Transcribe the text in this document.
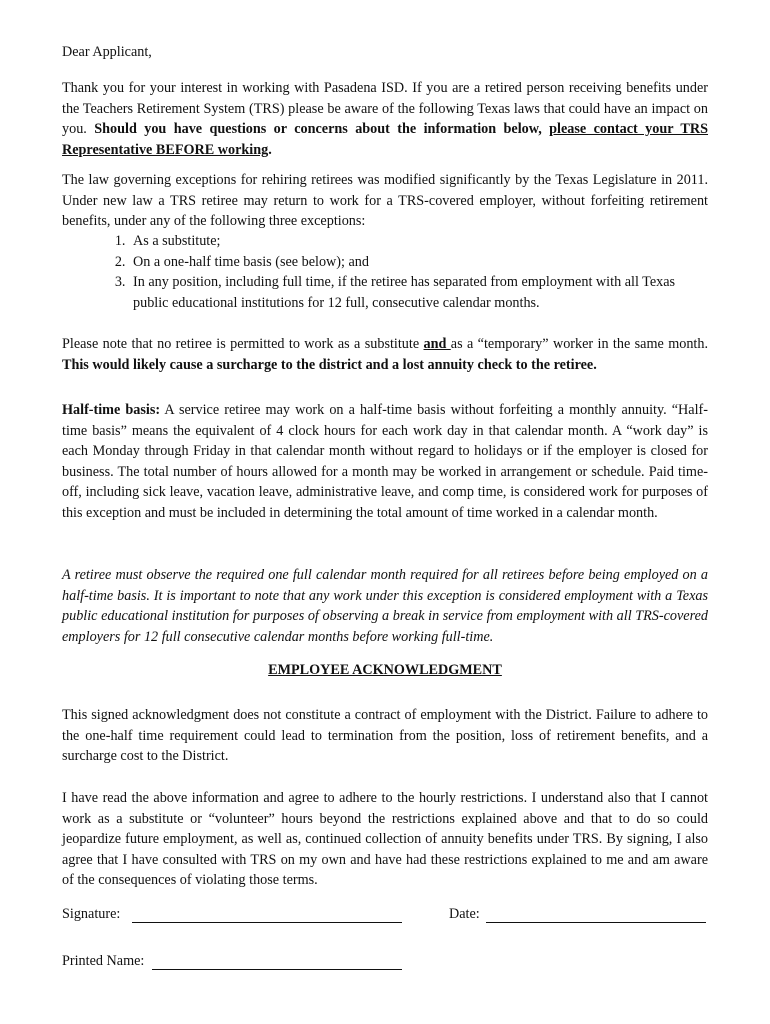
Dear Applicant,

Thank you for your interest in working with Pasadena ISD. If you are a retired person receiving benefits under the Teachers Retirement System (TRS) please be aware of the following Texas laws that could have an impact on you. Should you have questions or concerns about the information below, please contact your TRS Representative BEFORE working.

The law governing exceptions for rehiring retirees was modified significantly by the Texas Legislature in 2011. Under new law a TRS retiree may return to work for a TRS-covered employer, without forfeiting retirement benefits, under any of the following three exceptions:

1. As a substitute;
2. On a one-half time basis (see below); and
3. In any position, including full time, if the retiree has separated from employment with all Texas public educational institutions for 12 full, consecutive calendar months.

Please note that no retiree is permitted to work as a substitute and as a “temporary” worker in the same month. This would likely cause a surcharge to the district and a lost annuity check to the retiree.

Half-time basis: A service retiree may work on a half-time basis without forfeiting a monthly annuity. “Half-time basis” means the equivalent of 4 clock hours for each work day in that calendar month. A “work day” is each Monday through Friday in that calendar month without regard to holidays or if the employer is closed for business. The total number of hours allowed for a month may be worked in arrangement or schedule. Paid time-off, including sick leave, vacation leave, administrative leave, and comp time, is considered work for purposes of this exception and must be included in determining the total amount of time worked in a calendar month.

A retiree must observe the required one full calendar month required for all retirees before being employed on a half-time basis. It is important to note that any work under this exception is considered employment with a Texas public educational institution for purposes of observing a break in service from employment with all TRS-covered employers for 12 full consecutive calendar months before working full-time.

EMPLOYEE ACKNOWLEDGMENT

This signed acknowledgment does not constitute a contract of employment with the District. Failure to adhere to the one-half time requirement could lead to termination from the position, loss of retirement benefits, and a surcharge cost to the District.

I have read the above information and agree to adhere to the hourly restrictions. I understand also that I cannot work as a substitute or “volunteer” hours beyond the restrictions explained above and that to do so could jeopardize future employment, as well as, continued collection of annuity benefits under TRS. By signing, I also agree that I have consulted with TRS on my own and have had these restrictions explained to me and am aware of the consequences of violating those terms.

Signature:	Date:
Printed Name:
